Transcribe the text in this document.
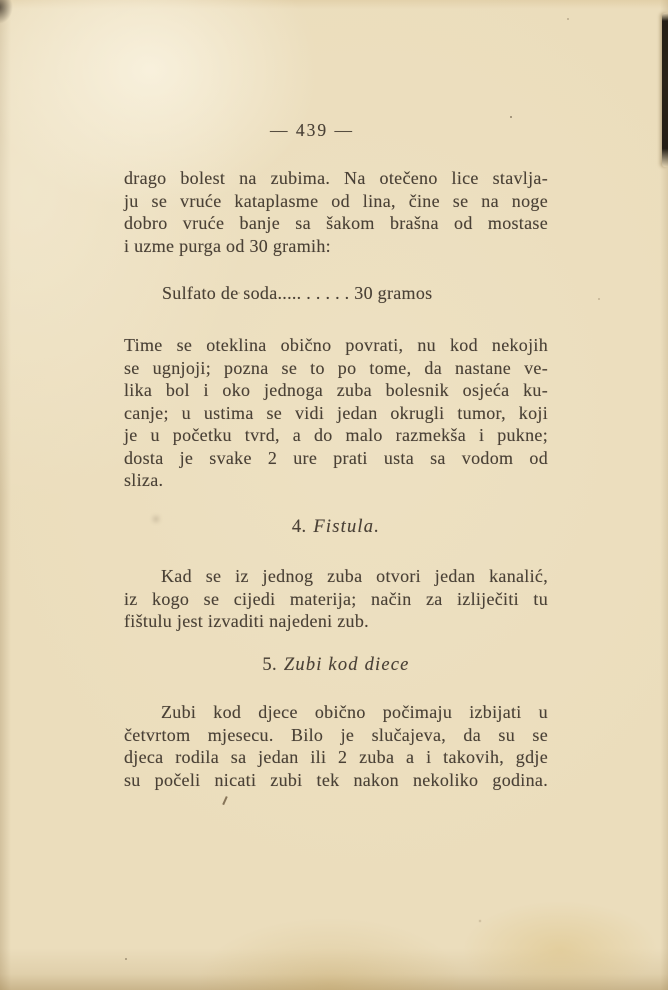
— 439 —
drago bolest na zubima. Na otečeno lice stavlja-
ju se vruće kataplasme od lina, čine se na noge
dobro vruće banje sa šakom brašna od mostase
i uzme purga od 30 gramih:
Sulfato de soda..... . . . . . 30 gramos
Time se oteklina obično povrati, nu kod nekojih
se ugnjoji; pozna se to po tome, da nastane ve-
lika bol i oko jednoga zuba bolesnik osjeća ku-
canje; u ustima se vidi jedan okrugli tumor, koji
je u početku tvrd, a do malo razmekša i pukne;
dosta je svake 2 ure prati usta sa vodom od
sliza.
4. Fistula.
Kad se iz jednog zuba otvori jedan kanalić,
iz kogo se cijedi materija; način za izliječiti tu
fištulu jest izvaditi najedeni zub.
5. Zubi kod diece
Zubi kod djece obično počimaju izbijati u
četvrtom mjesecu. Bilo je slučajeva, da su se
djeca rodila sa jedan ili 2 zuba a i takovih, gdje
su počeli nicati zubi tek nakon nekoliko godina.
